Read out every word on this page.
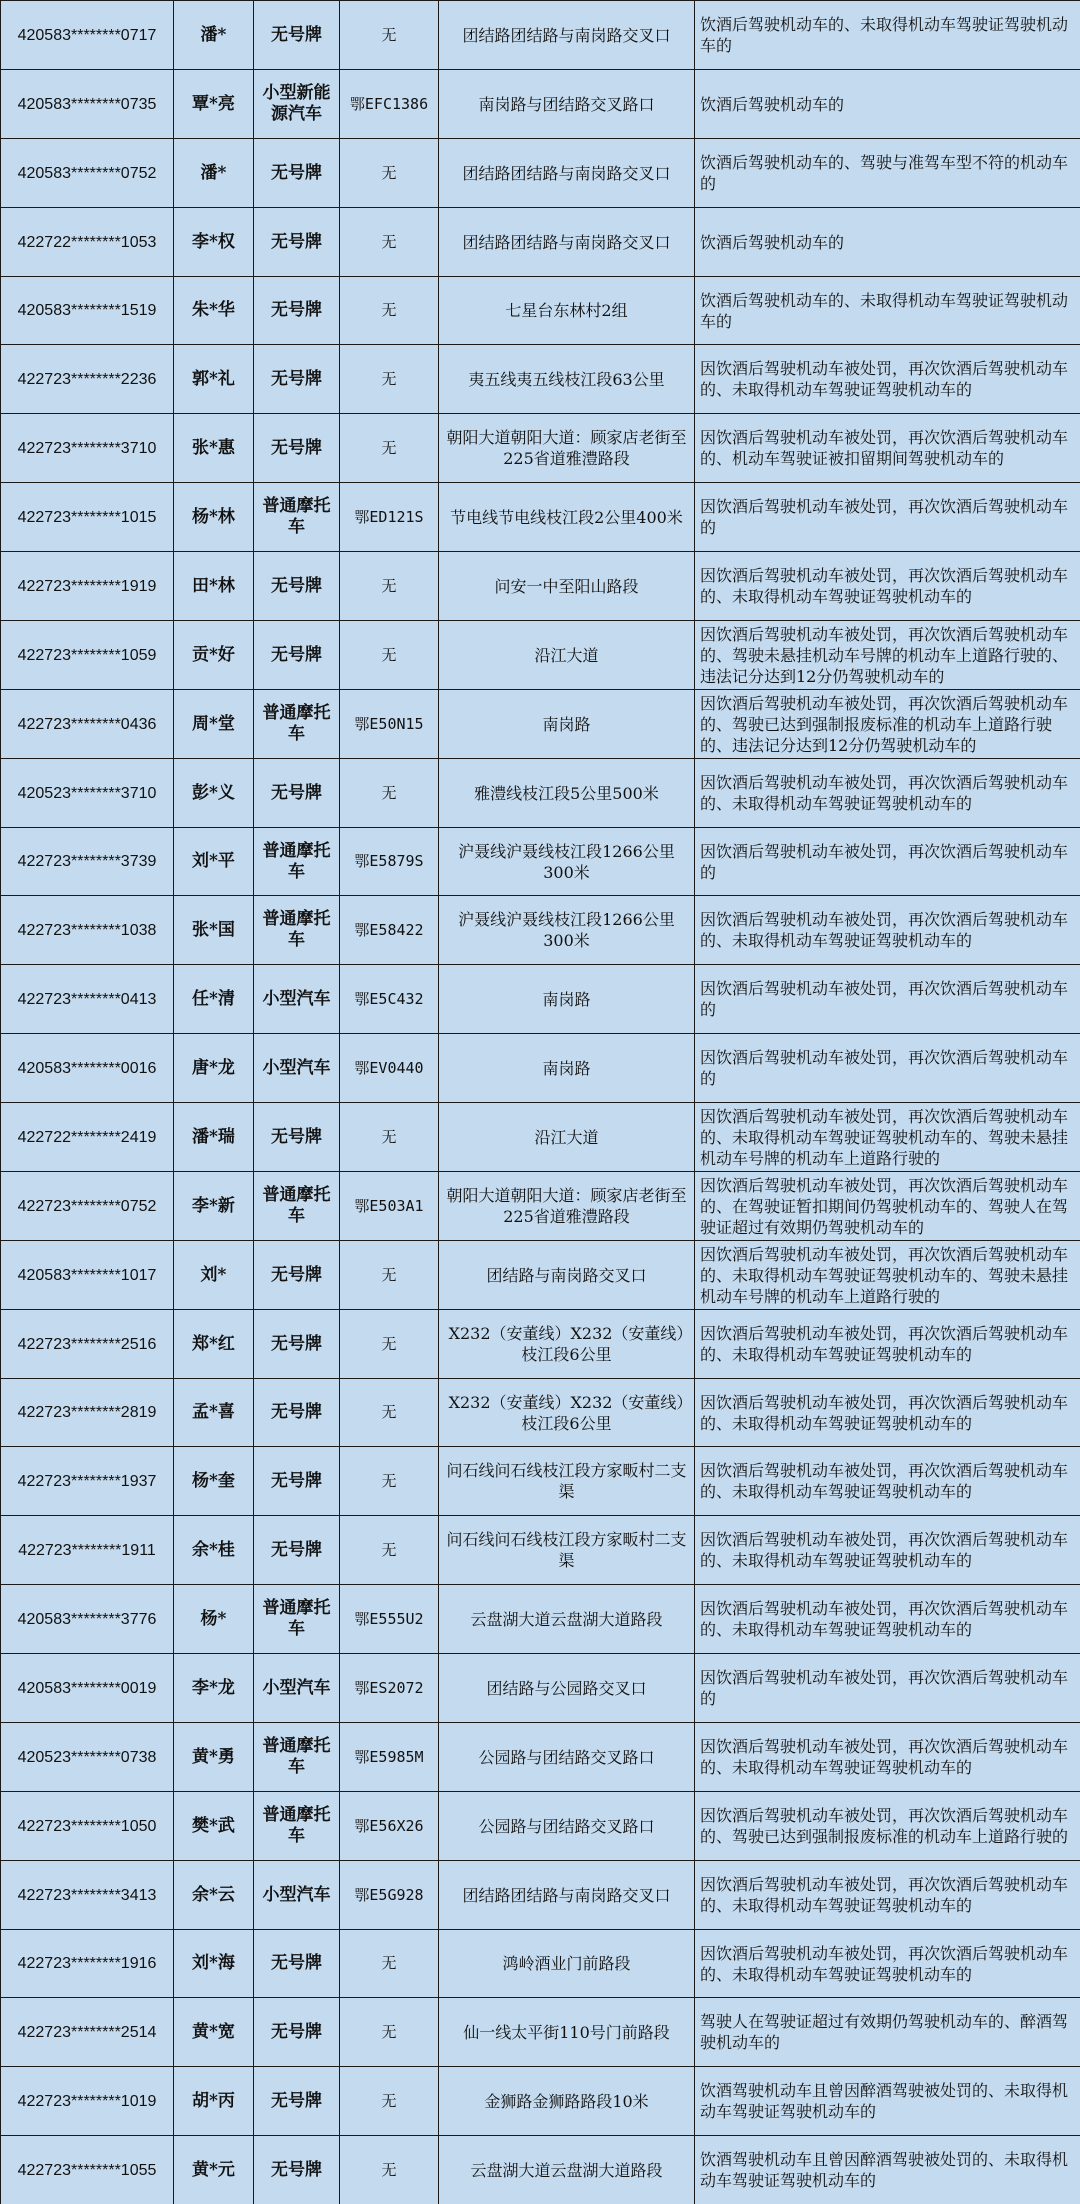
420583********0717	潘*	无号牌	无	团结路团结路与南岗路交叉口	饮酒后驾驶机动车的、未取得机动车驾驶证驾驶机动车的
420583********0735	覃*亮	小型新能源汽车	鄂EFC1386	南岗路与团结路交叉路口	饮酒后驾驶机动车的
420583********0752	潘*	无号牌	无	团结路团结路与南岗路交叉口	饮酒后驾驶机动车的、驾驶与准驾车型不符的机动车的
422722********1053	李*权	无号牌	无	团结路团结路与南岗路交叉口	饮酒后驾驶机动车的
420583********1519	朱*华	无号牌	无	七星台东林村2组	饮酒后驾驶机动车的、未取得机动车驾驶证驾驶机动车的
422723********2236	郭*礼	无号牌	无	夷五线夷五线枝江段63公里	因饮酒后驾驶机动车被处罚，再次饮酒后驾驶机动车的、未取得机动车驾驶证驾驶机动车的
422723********3710	张*惠	无号牌	无	朝阳大道朝阳大道：顾家店老街至225省道雅澧路段	因饮酒后驾驶机动车被处罚，再次饮酒后驾驶机动车的、机动车驾驶证被扣留期间驾驶机动车的
422723********1015	杨*林	普通摩托车	鄂ED121S	节电线节电线枝江段2公里400米	因饮酒后驾驶机动车被处罚，再次饮酒后驾驶机动车的
422723********1919	田*林	无号牌	无	问安一中至阳山路段	因饮酒后驾驶机动车被处罚，再次饮酒后驾驶机动车的、未取得机动车驾驶证驾驶机动车的
422723********1059	贡*好	无号牌	无	沿江大道	因饮酒后驾驶机动车被处罚，再次饮酒后驾驶机动车的、驾驶未悬挂机动车号牌的机动车上道路行驶的、违法记分达到12分仍驾驶机动车的
422723********0436	周*堂	普通摩托车	鄂E50N15	南岗路	因饮酒后驾驶机动车被处罚，再次饮酒后驾驶机动车的、驾驶已达到强制报废标准的机动车上道路行驶的、违法记分达到12分仍驾驶机动车的
420523********3710	彭*义	无号牌	无	雅澧线枝江段5公里500米	因饮酒后驾驶机动车被处罚，再次饮酒后驾驶机动车的、未取得机动车驾驶证驾驶机动车的
422723********3739	刘*平	普通摩托车	鄂E5879S	沪聂线沪聂线枝江段1266公里300米	因饮酒后驾驶机动车被处罚，再次饮酒后驾驶机动车的
422723********1038	张*国	普通摩托车	鄂E58422	沪聂线沪聂线枝江段1266公里300米	因饮酒后驾驶机动车被处罚，再次饮酒后驾驶机动车的、未取得机动车驾驶证驾驶机动车的
422723********0413	任*清	小型汽车	鄂E5C432	南岗路	因饮酒后驾驶机动车被处罚，再次饮酒后驾驶机动车的
420583********0016	唐*龙	小型汽车	鄂EV0440	南岗路	因饮酒后驾驶机动车被处罚，再次饮酒后驾驶机动车的
422722********2419	潘*瑞	无号牌	无	沿江大道	因饮酒后驾驶机动车被处罚，再次饮酒后驾驶机动车的、未取得机动车驾驶证驾驶机动车的、驾驶未悬挂机动车号牌的机动车上道路行驶的
422723********0752	李*新	普通摩托车	鄂E503A1	朝阳大道朝阳大道：顾家店老街至225省道雅澧路段	因饮酒后驾驶机动车被处罚，再次饮酒后驾驶机动车的、在驾驶证暂扣期间仍驾驶机动车的、驾驶人在驾驶证超过有效期仍驾驶机动车的
420583********1017	刘*	无号牌	无	团结路与南岗路交叉口	因饮酒后驾驶机动车被处罚，再次饮酒后驾驶机动车的、未取得机动车驾驶证驾驶机动车的、驾驶未悬挂机动车号牌的机动车上道路行驶的
422723********2516	郑*红	无号牌	无	X232（安董线）X232（安董线）枝江段6公里	因饮酒后驾驶机动车被处罚，再次饮酒后驾驶机动车的、未取得机动车驾驶证驾驶机动车的
422723********2819	孟*喜	无号牌	无	X232（安董线）X232（安董线）枝江段6公里	因饮酒后驾驶机动车被处罚，再次饮酒后驾驶机动车的、未取得机动车驾驶证驾驶机动车的
422723********1937	杨*奎	无号牌	无	问石线问石线枝江段方家畈村二支渠	因饮酒后驾驶机动车被处罚，再次饮酒后驾驶机动车的、未取得机动车驾驶证驾驶机动车的
422723********1911	余*桂	无号牌	无	问石线问石线枝江段方家畈村二支渠	因饮酒后驾驶机动车被处罚，再次饮酒后驾驶机动车的、未取得机动车驾驶证驾驶机动车的
420583********3776	杨*	普通摩托车	鄂E555U2	云盘湖大道云盘湖大道路段	因饮酒后驾驶机动车被处罚，再次饮酒后驾驶机动车的、未取得机动车驾驶证驾驶机动车的
420583********0019	李*龙	小型汽车	鄂ES2072	团结路与公园路交叉口	因饮酒后驾驶机动车被处罚，再次饮酒后驾驶机动车的
420523********0738	黄*勇	普通摩托车	鄂E5985M	公园路与团结路交叉路口	因饮酒后驾驶机动车被处罚，再次饮酒后驾驶机动车的、未取得机动车驾驶证驾驶机动车的
422723********1050	樊*武	普通摩托车	鄂E56X26	公园路与团结路交叉路口	因饮酒后驾驶机动车被处罚，再次饮酒后驾驶机动车的、驾驶已达到强制报废标准的机动车上道路行驶的
422723********3413	余*云	小型汽车	鄂E5G928	团结路团结路与南岗路交叉口	因饮酒后驾驶机动车被处罚，再次饮酒后驾驶机动车的、未取得机动车驾驶证驾驶机动车的
422723********1916	刘*海	无号牌	无	鸿岭酒业门前路段	因饮酒后驾驶机动车被处罚，再次饮酒后驾驶机动车的、未取得机动车驾驶证驾驶机动车的
422723********2514	黄*宽	无号牌	无	仙一线太平街110号门前路段	驾驶人在驾驶证超过有效期仍驾驶机动车的、醉酒驾驶机动车的
422723********1019	胡*丙	无号牌	无	金狮路金狮路路段10米	饮酒驾驶机动车且曾因醉酒驾驶被处罚的、未取得机动车驾驶证驾驶机动车的
422723********1055	黄*元	无号牌	无	云盘湖大道云盘湖大道路段	饮酒驾驶机动车且曾因醉酒驾驶被处罚的、未取得机动车驾驶证驾驶机动车的
